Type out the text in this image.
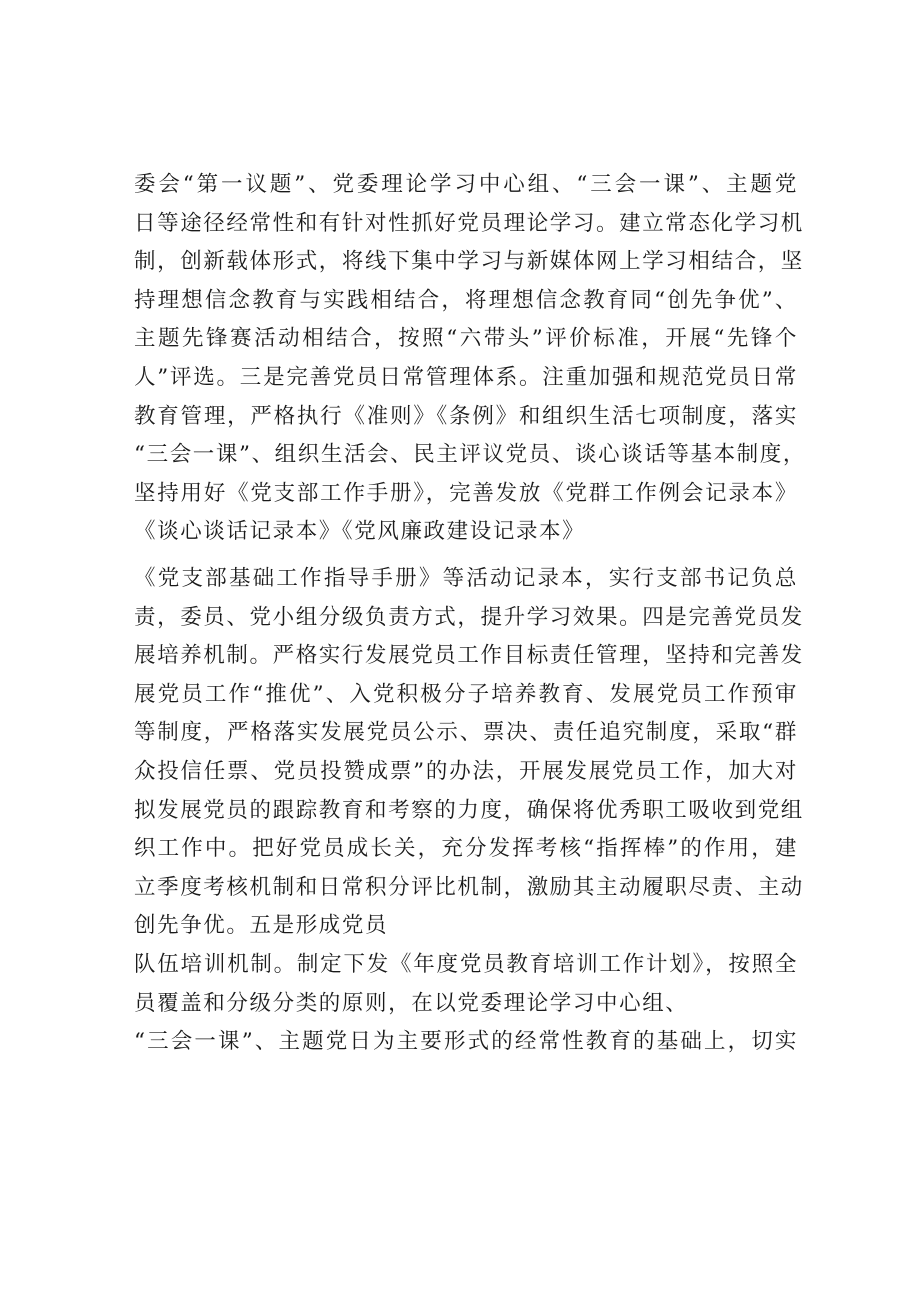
委会“第一议题”、党委理论学习中心组、“三会一课”、主题党
日等途径经常性和有针对性抓好党员理论学习。建立常态化学习机
制，创新载体形式，将线下集中学习与新媒体网上学习相结合，坚
持理想信念教育与实践相结合，将理想信念教育同“创先争优”、
主题先锋赛活动相结合，按照“六带头”评价标准，开展“先锋个
人”评选。三是完善党员日常管理体系。注重加强和规范党员日常
教育管理，严格执行《准则》《条例》和组织生活七项制度，落实
“三会一课”、组织生活会、民主评议党员、谈心谈话等基本制度，
坚持用好《党支部工作手册》，完善发放《党群工作例会记录本》
《谈心谈话记录本》《党风廉政建设记录本》
《党支部基础工作指导手册》等活动记录本，实行支部书记负总
责，委员、党小组分级负责方式，提升学习效果。四是完善党员发
展培养机制。严格实行发展党员工作目标责任管理，坚持和完善发
展党员工作“推优”、入党积极分子培养教育、发展党员工作预审
等制度，严格落实发展党员公示、票决、责任追究制度，采取“群
众投信任票、党员投赞成票”的办法，开展发展党员工作，加大对
拟发展党员的跟踪教育和考察的力度，确保将优秀职工吸收到党组
织工作中。把好党员成长关，充分发挥考核“指挥棒”的作用，建
立季度考核机制和日常积分评比机制，激励其主动履职尽责、主动
创先争优。五是形成党员
队伍培训机制。制定下发《年度党员教育培训工作计划》，按照全
员覆盖和分级分类的原则，在以党委理论学习中心组、
“三会一课”、主题党日为主要形式的经常性教育的基础上，切实
